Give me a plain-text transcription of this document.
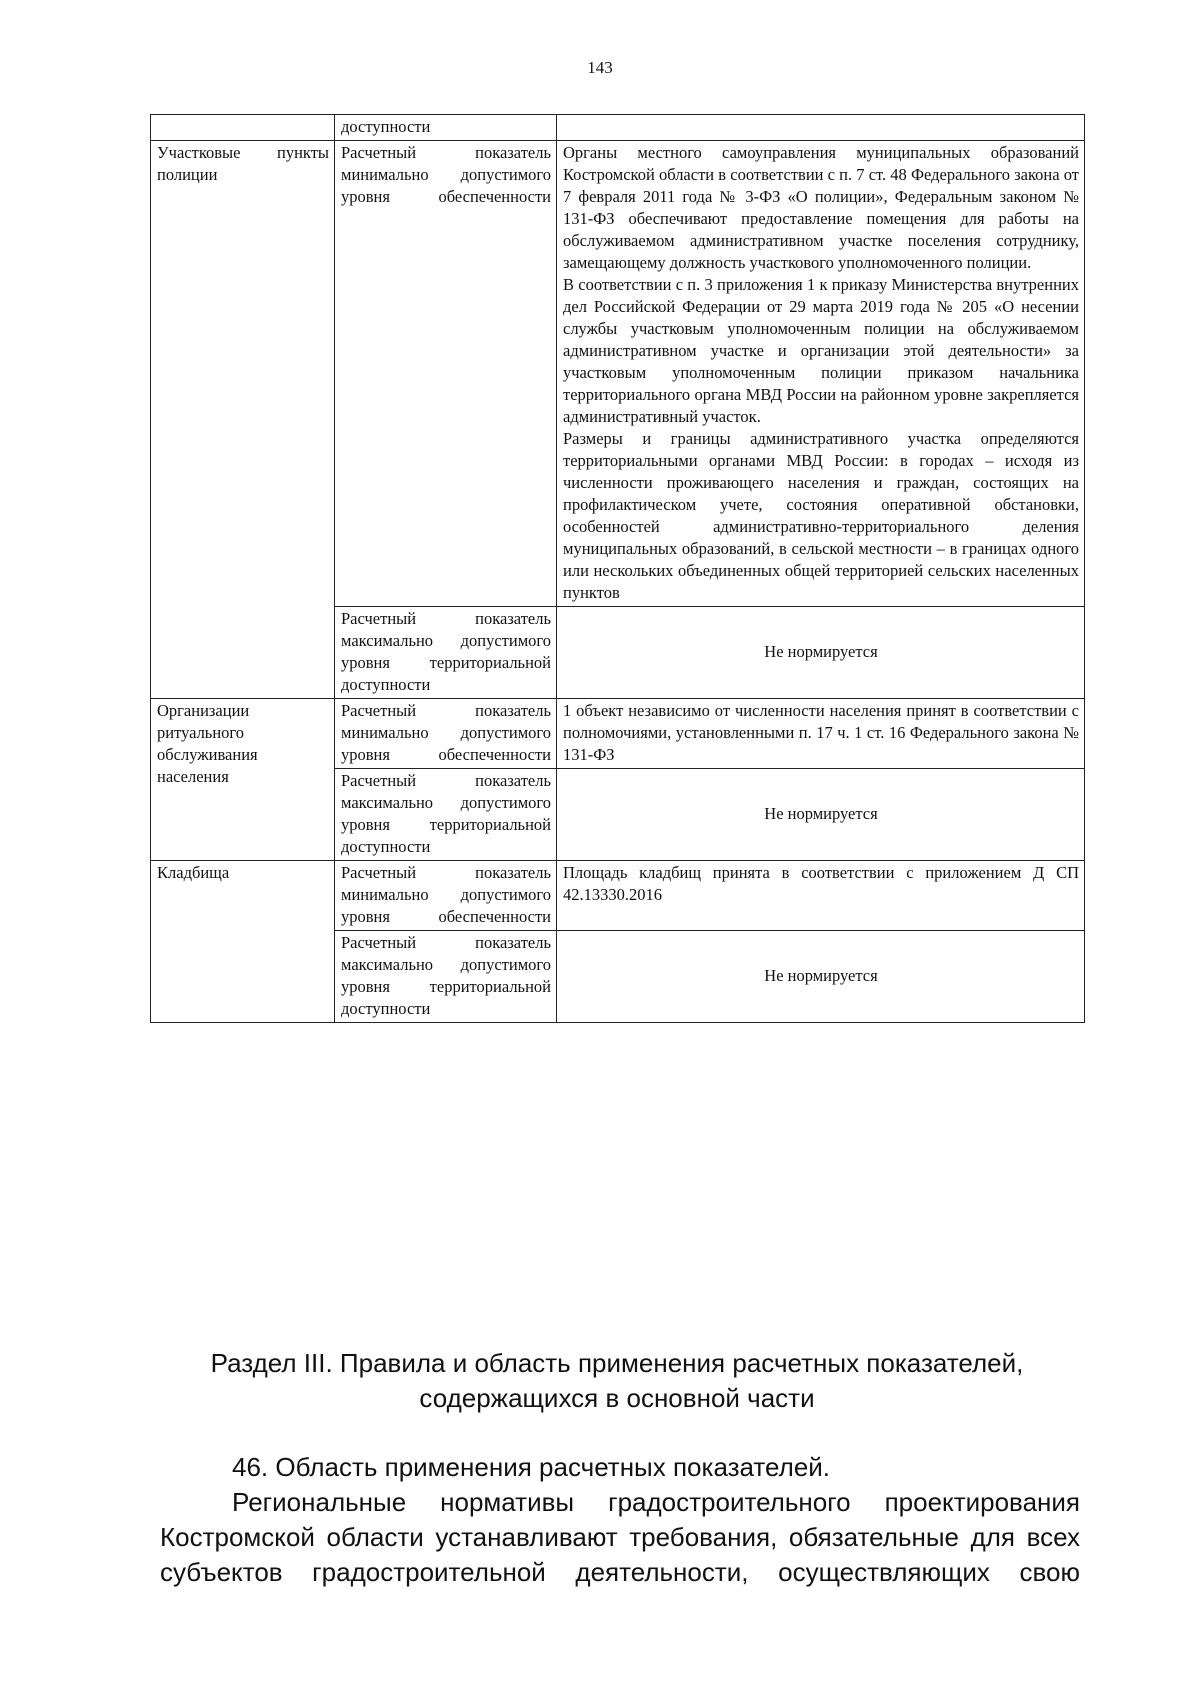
143
	доступности	
Участковые пункты полиции	Расчетный показатель минимально допустимого уровня обеспеченности	Органы местного самоуправления муниципальных образований Костромской области в соответствии с п. 7 ст. 48 Федерального закона от 7 февраля 2011 года № 3-ФЗ «О полиции», Федеральным законом № 131-ФЗ обеспечивают предоставление помещения для работы на обслуживаемом административном участке поселения сотруднику, замещающему должность участкового уполномоченного полиции.
В соответствии с п. 3 приложения 1 к приказу Министерства внутренних дел Российской Федерации от 29 марта 2019 года № 205 «О несении службы участковым уполномоченным полиции на обслуживаемом административном участке и организации этой деятельности» за участковым уполномоченным полиции приказом начальника территориального органа МВД России на районном уровне закрепляется административный участок.
Размеры и границы административного участка определяются территориальными органами МВД России: в городах – исходя из численности проживающего населения и граждан, состоящих на профилактическом учете, состояния оперативной обстановки, особенностей административно-территориального деления муниципальных образований, в сельской местности – в границах одного или нескольких объединенных общей территорией сельских населенных пунктов

	Расчетный показатель максимально допустимого уровня территориальной доступности	Не нормируется
Организации ритуального обслуживания населения	Расчетный показатель минимально допустимого уровня обеспеченности	1 объект независимо от численности населения принят в соответствии с полномочиями, установленными п. 17 ч. 1 ст. 16 Федерального закона № 131-ФЗ

	Расчетный показатель максимально допустимого уровня территориальной доступности	Не нормируется
Кладбища	Расчетный показатель минимально допустимого уровня обеспеченности	Площадь кладбищ принята в соответствии с приложением Д СП 42.13330.2016

	Расчетный показатель максимально допустимого уровня территориальной доступности	Не нормируется
Раздел III. Правила и область применения расчетных показателей,
содержащихся в основной части
46. Область применения расчетных показателей.
Региональные нормативы градостроительного проектирования Костромской области устанавливают требования, обязательные для всех субъектов градостроительной деятельности, осуществляющих свою
